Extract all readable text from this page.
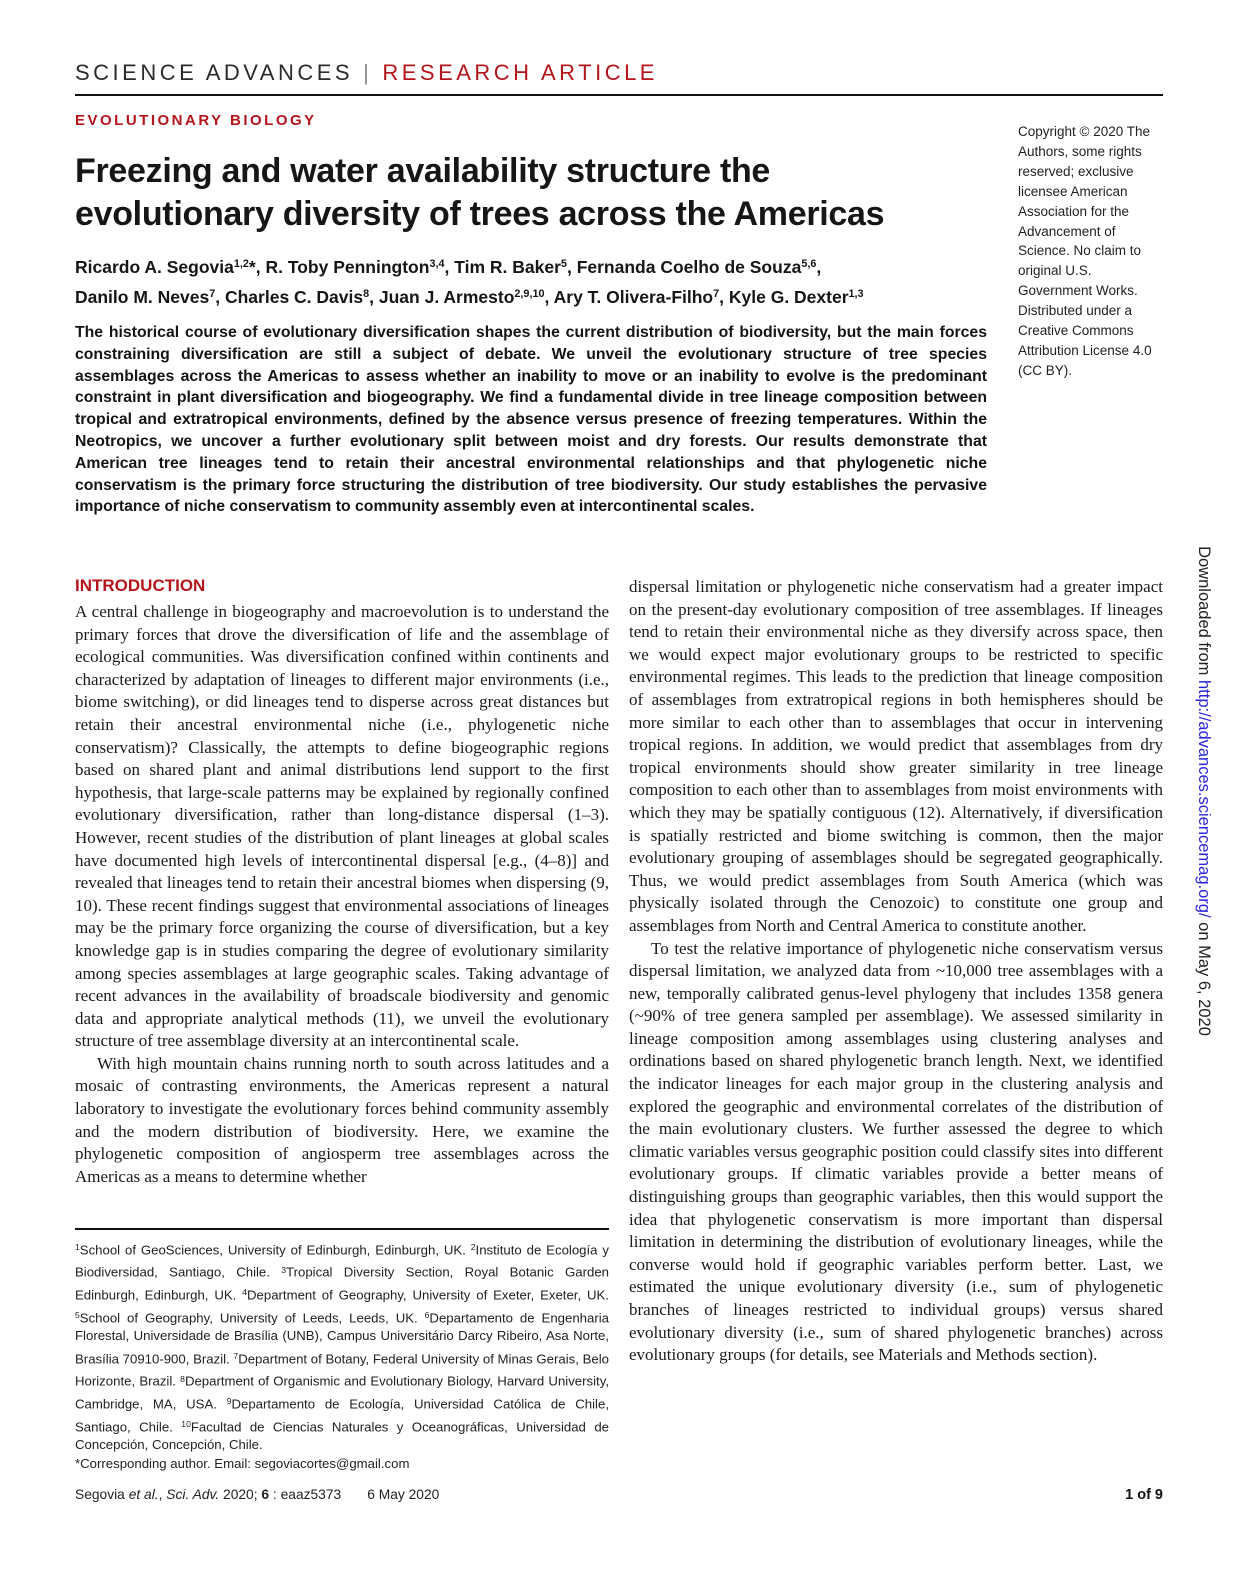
SCIENCE ADVANCES | RESEARCH ARTICLE
EVOLUTIONARY BIOLOGY
Copyright © 2020 The Authors, some rights reserved; exclusive licensee American Association for the Advancement of Science. No claim to original U.S. Government Works. Distributed under a Creative Commons Attribution License 4.0 (CC BY).
Freezing and water availability structure the
evolutionary diversity of trees across the Americas
Ricardo A. Segovia$^{1,2}$*, R. Toby Pennington$^{3,4}$, Tim R. Baker$^5$, Fernanda Coelho de Souza$^{5,6}$,
Danilo M. Neves$^7$, Charles C. Davis$^8$, Juan J. Armesto$^{2,9,10}$, Ary T. Olivera-Filho$^7$, Kyle G. Dexter$^{1,3}$
The historical course of evolutionary diversification shapes the current distribution of biodiversity, but the main forces constraining diversification are still a subject of debate. We unveil the evolutionary structure of tree species assemblages across the Americas to assess whether an inability to move or an inability to evolve is the predominant constraint in plant diversification and biogeography. We find a fundamental divide in tree lineage composition between tropical and extratropical environments, defined by the absence versus presence of freezing temperatures. Within the Neotropics, we uncover a further evolutionary split between moist and dry forests. Our results demonstrate that American tree lineages tend to retain their ancestral environmental relationships and that phylogenetic niche conservatism is the primary force structuring the distribution of tree biodiversity. Our study establishes the pervasive importance of niche conservatism to community assembly even at intercontinental scales.
INTRODUCTION

A central challenge in biogeography and macroevolution is to understand the primary forces that drove the diversification of life and the assemblage of ecological communities. Was diversification confined within continents and characterized by adaptation of lineages to different major environments (i.e., biome switching), or did lineages tend to disperse across great distances but retain their ancestral environmental niche (i.e., phylogenetic niche conservatism)? Classically, the attempts to define biogeographic regions based on shared plant and animal distributions lend support to the first hypothesis, that large-scale patterns may be explained by regionally confined evolutionary diversification, rather than long-distance dispersal (1–3). However, recent studies of the distribution of plant lineages at global scales have documented high levels of intercontinental dispersal [e.g., (4–8)] and revealed that lineages tend to retain their ancestral biomes when dispersing (9, 10). These recent findings suggest that environmental associations of lineages may be the primary force organizing the course of diversification, but a key knowledge gap is in studies comparing the degree of evolutionary similarity among species assemblages at large geographic scales. Taking advantage of recent advances in the availability of broadscale biodiversity and genomic data and appropriate analytical methods (11), we unveil the evolutionary structure of tree assemblage diversity at an intercontinental scale.

With high mountain chains running north to south across latitudes and a mosaic of contrasting environments, the Americas represent a natural laboratory to investigate the evolutionary forces behind community assembly and the modern distribution of biodiversity. Here, we examine the phylogenetic composition of angiosperm tree assemblages across the Americas as a means to determine whether

$^1$School of GeoSciences, University of Edinburgh, Edinburgh, UK. $^2$Instituto de Ecología y Biodiversidad, Santiago, Chile. $^3$Tropical Diversity Section, Royal Botanic Garden Edinburgh, Edinburgh, UK. $^4$Department of Geography, University of Exeter, Exeter, UK. $^5$School of Geography, University of Leeds, Leeds, UK. $^6$Departamento de Engenharia Florestal, Universidade de Brasília (UNB), Campus Universitário Darcy Ribeiro, Asa Norte, Brasília 70910-900, Brazil. $^7$Department of Botany, Federal University of Minas Gerais, Belo Horizonte, Brazil. $^8$Department of Organismic and Evolutionary Biology, Harvard University, Cambridge, MA, USA. $^9$Departamento de Ecología, Universidad Católica de Chile, Santiago, Chile. $^{10}$Facultad de Ciencias Naturales y Oceanográficas, Universidad de Concepción, Concepción, Chile.
*Corresponding author. Email: segoviacortes@gmail.com

dispersal limitation or phylogenetic niche conservatism had a greater impact on the present-day evolutionary composition of tree assemblages. If lineages tend to retain their environmental niche as they diversify across space, then we would expect major evolutionary groups to be restricted to specific environmental regimes. This leads to the prediction that lineage composition of assemblages from extratropical regions in both hemispheres should be more similar to each other than to assemblages that occur in intervening tropical regions. In addition, we would predict that assemblages from dry tropical environments should show greater similarity in tree lineage composition to each other than to assemblages from moist environments with which they may be spatially contiguous (12). Alternatively, if diversification is spatially restricted and biome switching is common, then the major evolutionary grouping of assemblages should be segregated geographically. Thus, we would predict assemblages from South America (which was physically isolated through the Cenozoic) to constitute one group and assemblages from North and Central America to constitute another.

To test the relative importance of phylogenetic niche conservatism versus dispersal limitation, we analyzed data from ~10,000 tree assemblages with a new, temporally calibrated genus-level phylogeny that includes 1358 genera (~90% of tree genera sampled per assemblage). We assessed similarity in lineage composition among assemblages using clustering analyses and ordinations based on shared phylogenetic branch length. Next, we identified the indicator lineages for each major group in the clustering analysis and explored the geographic and environmental correlates of the distribution of the main evolutionary clusters. We further assessed the degree to which climatic variables versus geographic position could classify sites into different evolutionary groups. If climatic variables provide a better means of distinguishing groups than geographic variables, then this would support the idea that phylogenetic conservatism is more important than dispersal limitation in determining the distribution of evolutionary lineages, while the converse would hold if geographic variables perform better. Last, we estimated the unique evolutionary diversity (i.e., sum of phylogenetic branches of lineages restricted to individual groups) versus shared evolutionary diversity (i.e., sum of shared phylogenetic branches) across evolutionary groups (for details, see Materials and Methods section).

Segovia et al., Sci. Adv. 2020; 6 : eaaz5373 6 May 2020	1 of 9
Downloaded from http://advances.sciencemag.org/ on May 6, 2020
